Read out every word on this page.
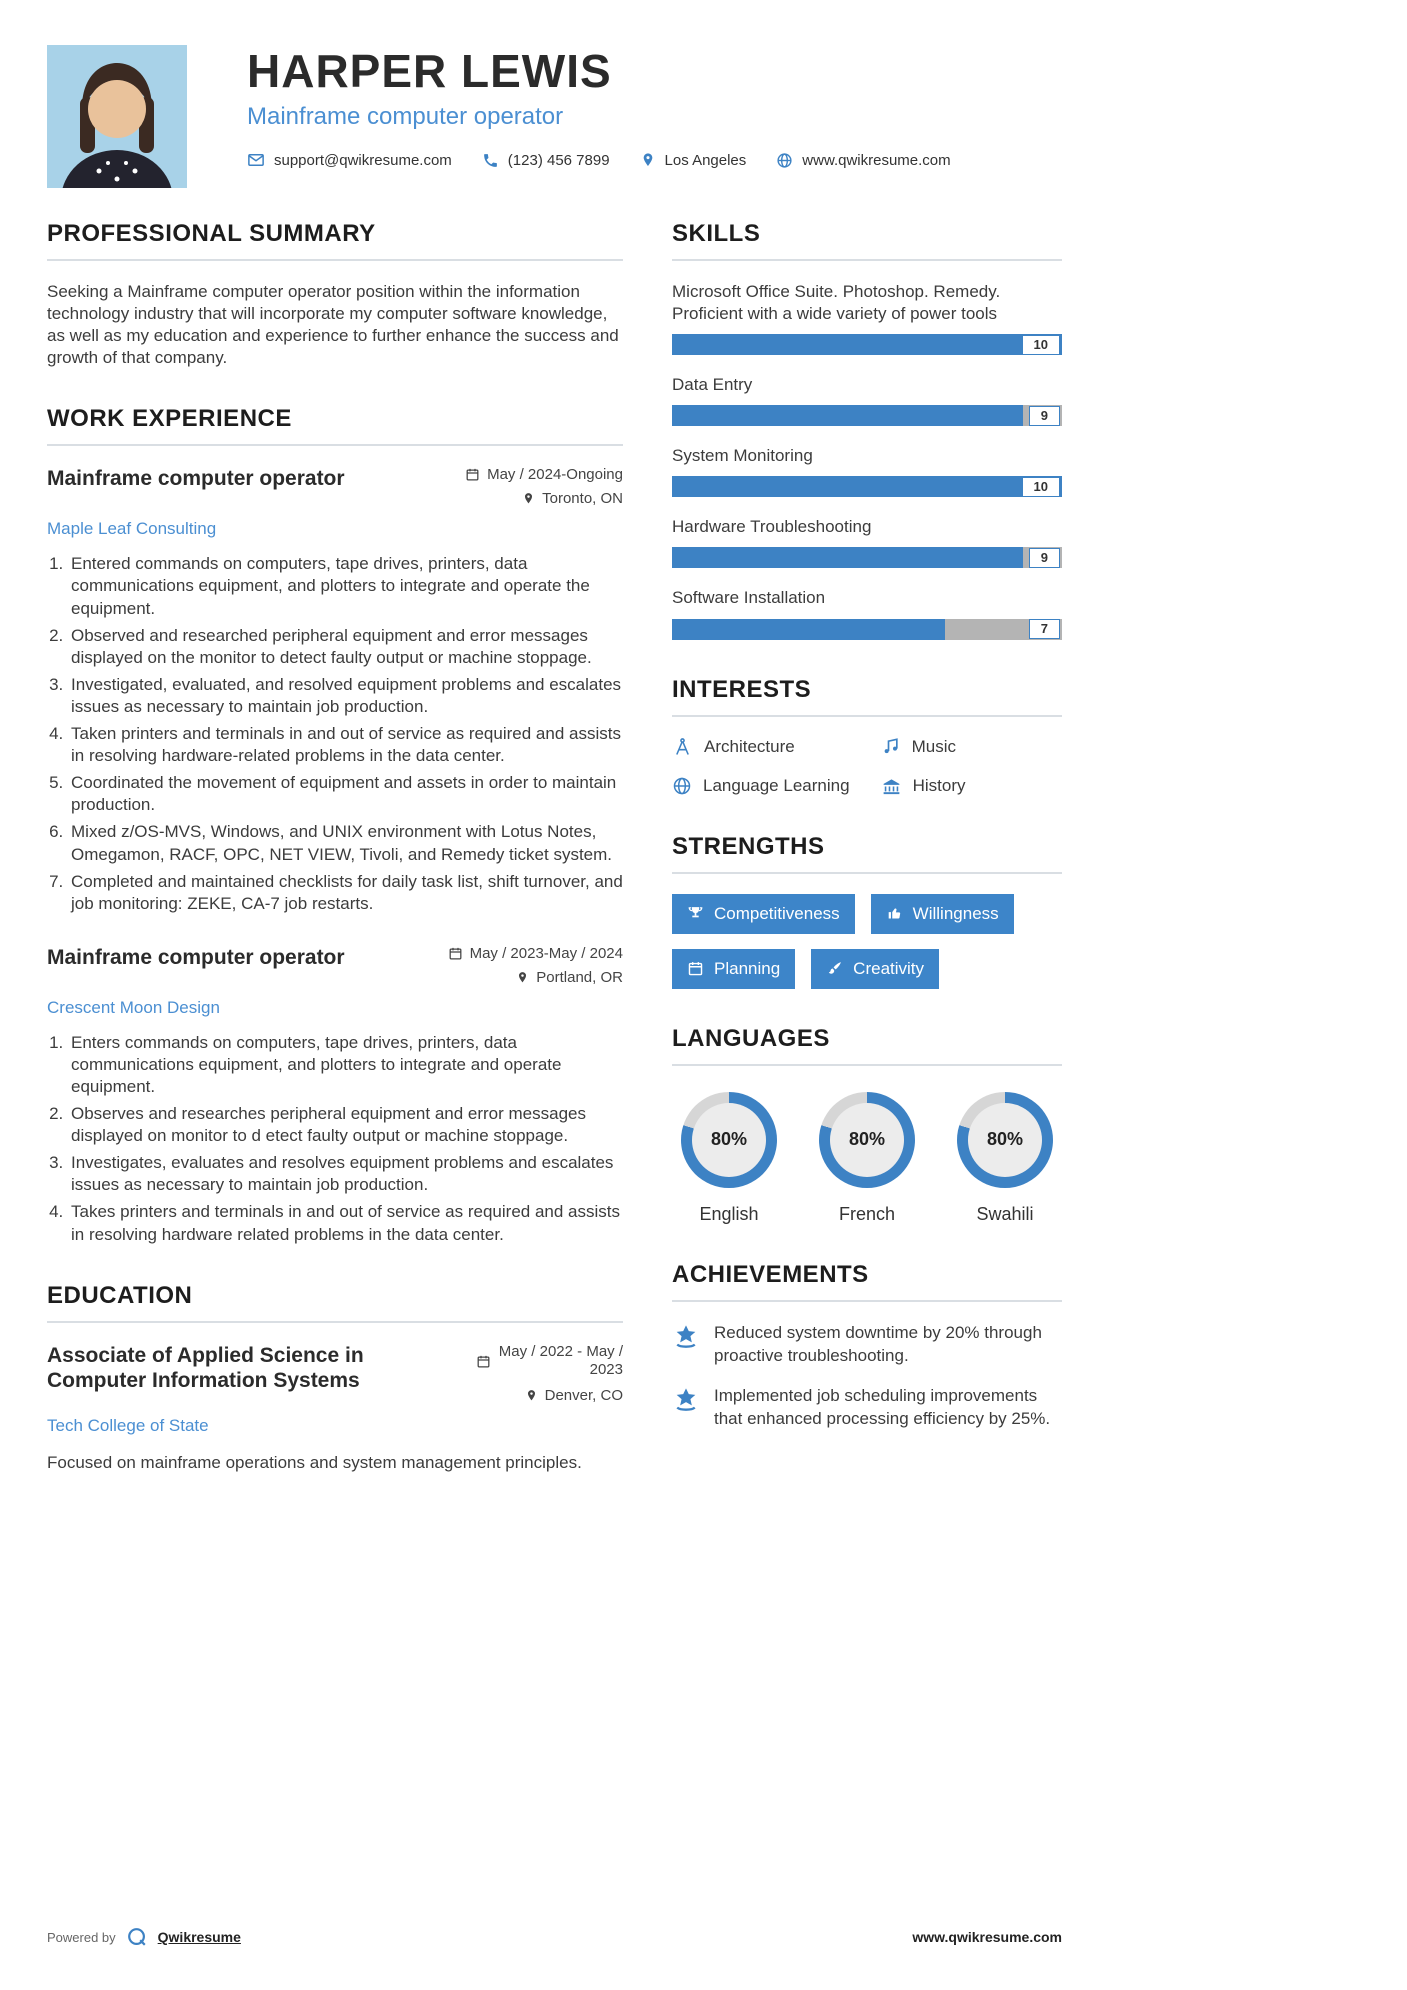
HARPER LEWIS
Mainframe computer operator
support@qwikresume.com	(123) 456 7899	Los Angeles	www.qwikresume.com
PROFESSIONAL SUMMARY

Seeking a Mainframe computer operator position within the information technology industry that will incorporate my computer software knowledge, as well as my education and experience to further enhance the success and growth of that company.

WORK EXPERIENCE
Mainframe computer operator	May / 2024-Ongoing
Toronto, ON
Maple Leaf Consulting
1. Entered commands on computers, tape drives, printers, data communications equipment, and plotters to integrate and operate the equipment.
2. Observed and researched peripheral equipment and error messages displayed on the monitor to detect faulty output or machine stoppage.
3. Investigated, evaluated, and resolved equipment problems and escalates issues as necessary to maintain job production.
4. Taken printers and terminals in and out of service as required and assists in resolving hardware-related problems in the data center.
5. Coordinated the movement of equipment and assets in order to maintain production.
6. Mixed z/OS-MVS, Windows, and UNIX environment with Lotus Notes, Omegamon, RACF, OPC, NET VIEW, Tivoli, and Remedy ticket system.
7. Completed and maintained checklists for daily task list, shift turnover, and job monitoring: ZEKE, CA-7 job restarts.
Mainframe computer operator	May / 2023-May / 2024
Portland, OR
Crescent Moon Design
1. Enters commands on computers, tape drives, printers, data communications equipment, and plotters to integrate and operate equipment.
2. Observes and researches peripheral equipment and error messages displayed on monitor to d etect faulty output or machine stoppage.
3. Investigates, evaluates and resolves equipment problems and escalates issues as necessary to maintain job production.
4. Takes printers and terminals in and out of service as required and assists in resolving hardware related problems in the data center.
EDUCATION
Associate of Applied Science in Computer Information Systems
May / 2022 - May / 2023
Denver, CO
Tech College of State

Focused on mainframe operations and system management principles.

SKILLS
Microsoft Office Suite. Photoshop. Remedy. Proficient with a wide variety of power tools
10
Data Entry
9
System Monitoring
10
Hardware Troubleshooting
9
Software Installation
7
INTERESTS
Architecture	Music
Language Learning	History
STRENGTHS
Competitiveness	Willingness
Planning	Creativity
LANGUAGES
80%
English
80%
French
80%
Swahili
ACHIEVEMENTS
Reduced system downtime by 20% through proactive troubleshooting.
Implemented job scheduling improvements that enhanced processing efficiency by 25%.
Powered by	Qwikresume	www.qwikresume.com
